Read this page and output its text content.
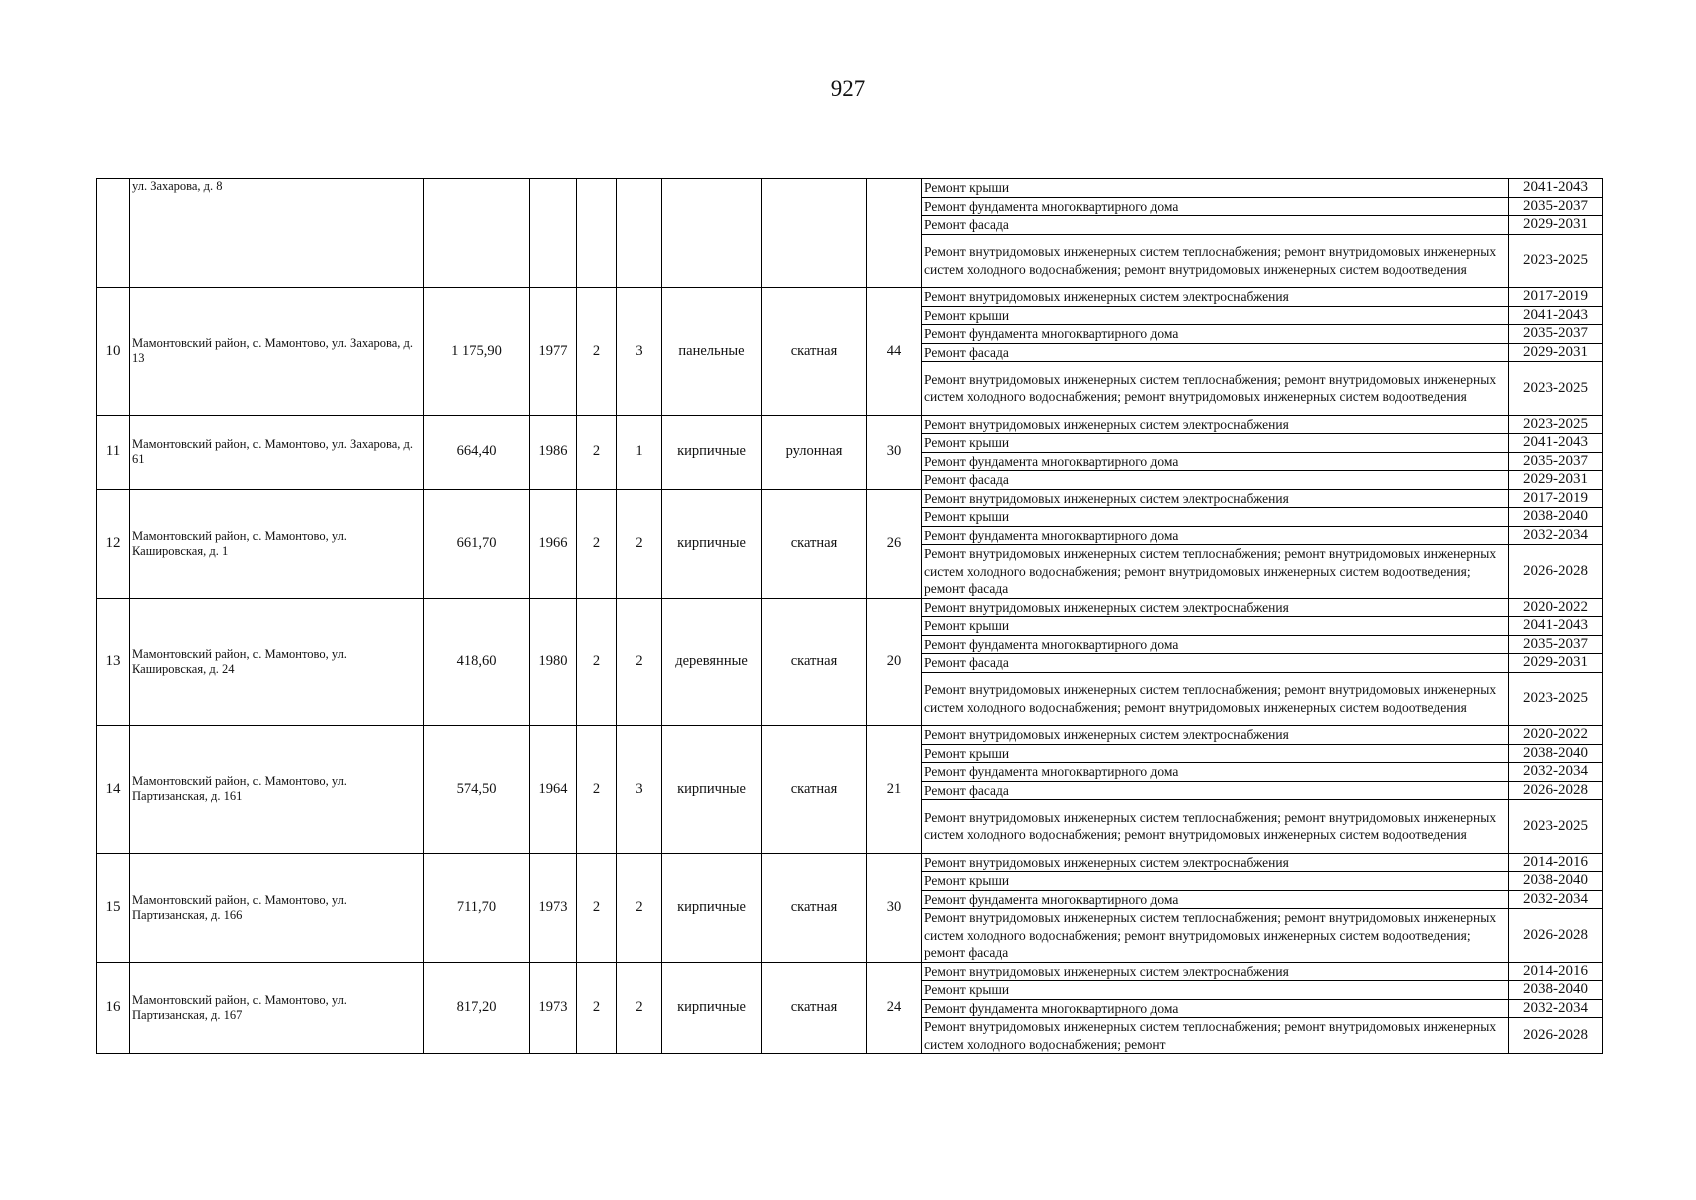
927
	ул. Захарова, д. 8								Ремонт крыши	2041-2043
									Ремонт фундамента многоквартирного дома	2035-2037
									Ремонт фасада	2029-2031
									Ремонт внутридомовых инженерных систем теплоснабжения; ремонт внутридомовых инженерных систем холодного водоснабжения; ремонт внутридомовых инженерных систем водоотведения	2023-2025
10	Мамонтовский район, с. Мамонтово, ул. Захарова, д. 13	1 175,90	1977	2	3	панельные	скатная	44	Ремонт внутридомовых инженерных систем электроснабжения	2017-2019
									Ремонт крыши	2041-2043
									Ремонт фундамента многоквартирного дома	2035-2037
									Ремонт фасада	2029-2031
									Ремонт внутридомовых инженерных систем теплоснабжения; ремонт внутридомовых инженерных систем холодного водоснабжения; ремонт внутридомовых инженерных систем водоотведения	2023-2025
11	Мамонтовский район, с. Мамонтово, ул. Захарова, д. 61	664,40	1986	2	1	кирпичные	рулонная	30	Ремонт внутридомовых инженерных систем электроснабжения	2023-2025
									Ремонт крыши	2041-2043
									Ремонт фундамента многоквартирного дома	2035-2037
									Ремонт фасада	2029-2031
12	Мамонтовский район, с. Мамонтово, ул. Кашировская, д. 1	661,70	1966	2	2	кирпичные	скатная	26	Ремонт внутридомовых инженерных систем электроснабжения	2017-2019
									Ремонт крыши	2038-2040
									Ремонт фундамента многоквартирного дома	2032-2034
									Ремонт внутридомовых инженерных систем теплоснабжения; ремонт внутридомовых инженерных систем холодного водоснабжения; ремонт внутридомовых инженерных систем водоотведения; ремонт фасада	2026-2028
13	Мамонтовский район, с. Мамонтово, ул. Кашировская, д. 24	418,60	1980	2	2	деревянные	скатная	20	Ремонт внутридомовых инженерных систем электроснабжения	2020-2022
									Ремонт крыши	2041-2043
									Ремонт фундамента многоквартирного дома	2035-2037
									Ремонт фасада	2029-2031
									Ремонт внутридомовых инженерных систем теплоснабжения; ремонт внутридомовых инженерных систем холодного водоснабжения; ремонт внутридомовых инженерных систем водоотведения	2023-2025
14	Мамонтовский район, с. Мамонтово, ул. Партизанская, д. 161	574,50	1964	2	3	кирпичные	скатная	21	Ремонт внутридомовых инженерных систем электроснабжения	2020-2022
									Ремонт крыши	2038-2040
									Ремонт фундамента многоквартирного дома	2032-2034
									Ремонт фасада	2026-2028
									Ремонт внутридомовых инженерных систем теплоснабжения; ремонт внутридомовых инженерных систем холодного водоснабжения; ремонт внутридомовых инженерных систем водоотведения	2023-2025
15	Мамонтовский район, с. Мамонтово, ул. Партизанская, д. 166	711,70	1973	2	2	кирпичные	скатная	30	Ремонт внутридомовых инженерных систем электроснабжения	2014-2016
									Ремонт крыши	2038-2040
									Ремонт фундамента многоквартирного дома	2032-2034
									Ремонт внутридомовых инженерных систем теплоснабжения; ремонт внутридомовых инженерных систем холодного водоснабжения; ремонт внутридомовых инженерных систем водоотведения; ремонт фасада	2026-2028
16	Мамонтовский район, с. Мамонтово, ул. Партизанская, д. 167	817,20	1973	2	2	кирпичные	скатная	24	Ремонт внутридомовых инженерных систем электроснабжения	2014-2016
									Ремонт крыши	2038-2040
									Ремонт фундамента многоквартирного дома	2032-2034
									Ремонт внутридомовых инженерных систем теплоснабжения; ремонт внутридомовых инженерных систем холодного водоснабжения; ремонт	2026-2028
